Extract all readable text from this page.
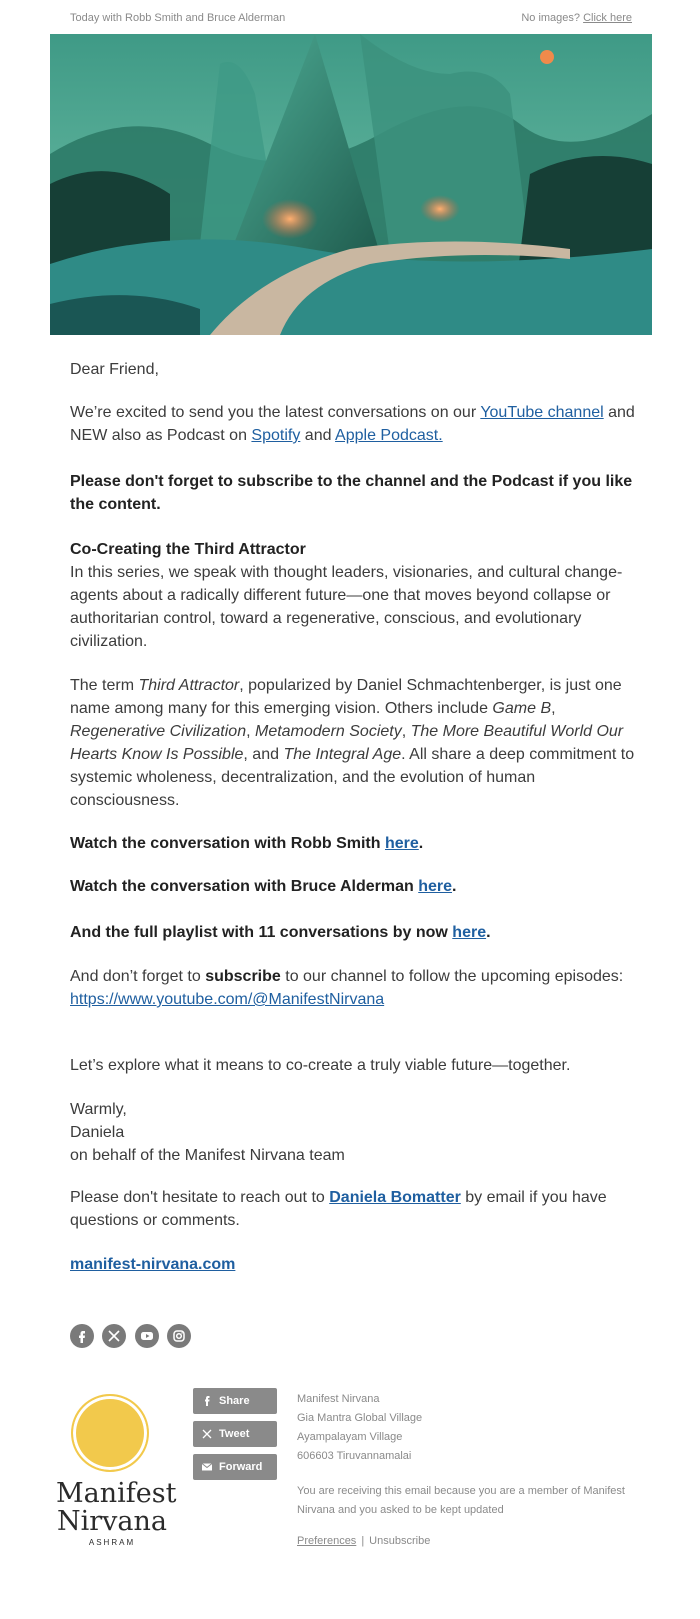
Today with Robb Smith and Bruce Alderman	No images? Click here

Dear Friend,

We’re excited to send you the latest conversations on our YouTube channel and NEW also as Podcast on Spotify and Apple Podcast.

Please don't forget to subscribe to the channel and the Podcast if you like the content.

Co-Creating the Third Attractor
In this series, we speak with thought leaders, visionaries, and cultural change-agents about a radically different future—one that moves beyond collapse or authoritarian control, toward a regenerative, conscious, and evolutionary civilization.

The term Third Attractor, popularized by Daniel Schmachtenberger, is just one name among many for this emerging vision. Others include Game B, Regenerative Civilization, Metamodern Society, The More Beautiful World Our Hearts Know Is Possible, and The Integral Age. All share a deep commitment to systemic wholeness, decentralization, and the evolution of human consciousness.

Watch the conversation with Robb Smith here.

Watch the conversation with Bruce Alderman here.

And the full playlist with 11 conversations by now here.

And don’t forget to subscribe to our channel to follow the upcoming episodes:
https://www.youtube.com/@ManifestNirvana

Let’s explore what it means to co-create a truly viable future—together.

Warmly,
Daniela
on behalf of the Manifest Nirvana team

Please don't hesitate to reach out to Daniela Bomatter by email if you have questions or comments.

manifest-nirvana.com

Manifest
Nirvana
ASHRAM
Share
Tweet
Forward
Manifest Nirvana
Gia Mantra Global Village
Ayampalayam Village
606603 Tiruvannamalai
You are receiving this email because you are a member of Manifest Nirvana and you asked to be kept updated
Preferences | Unsubscribe
